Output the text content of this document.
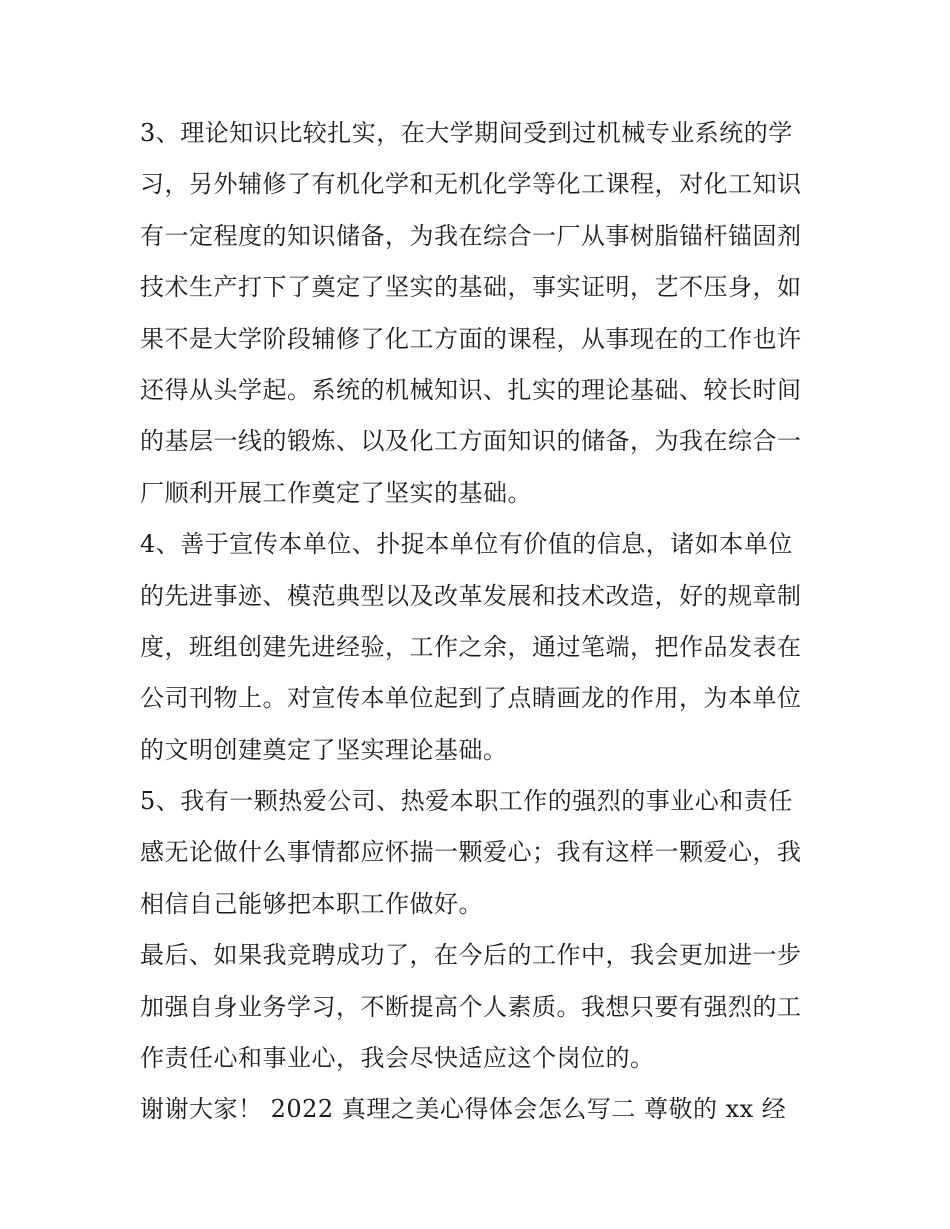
3、理论知识比较扎实，在大学期间受到过机械专业系统的学
习，另外辅修了有机化学和无机化学等化工课程，对化工知识
有一定程度的知识储备，为我在综合一厂从事树脂锚杆锚固剂
技术生产打下了奠定了坚实的基础，事实证明，艺不压身，如
果不是大学阶段辅修了化工方面的课程，从事现在的工作也许
还得从头学起。系统的机械知识、扎实的理论基础、较长时间
的基层一线的锻炼、以及化工方面知识的储备，为我在综合一
厂顺利开展工作奠定了坚实的基础。
4、善于宣传本单位、扑捉本单位有价值的信息，诸如本单位
的先进事迹、模范典型以及改革发展和技术改造，好的规章制
度，班组创建先进经验，工作之余，通过笔端，把作品发表在
公司刊物上。对宣传本单位起到了点睛画龙的作用，为本单位
的文明创建奠定了坚实理论基础。
5、我有一颗热爱公司、热爱本职工作的强烈的事业心和责任
感无论做什么事情都应怀揣一颗爱心；我有这样一颗爱心，我
相信自己能够把本职工作做好。
最后、如果我竞聘成功了，在今后的工作中，我会更加进一步
加强自身业务学习，不断提高个人素质。我想只要有强烈的工
作责任心和事业心，我会尽快适应这个岗位的。
谢谢大家！ 2022 真理之美心得体会怎么写二 尊敬的 xx 经
